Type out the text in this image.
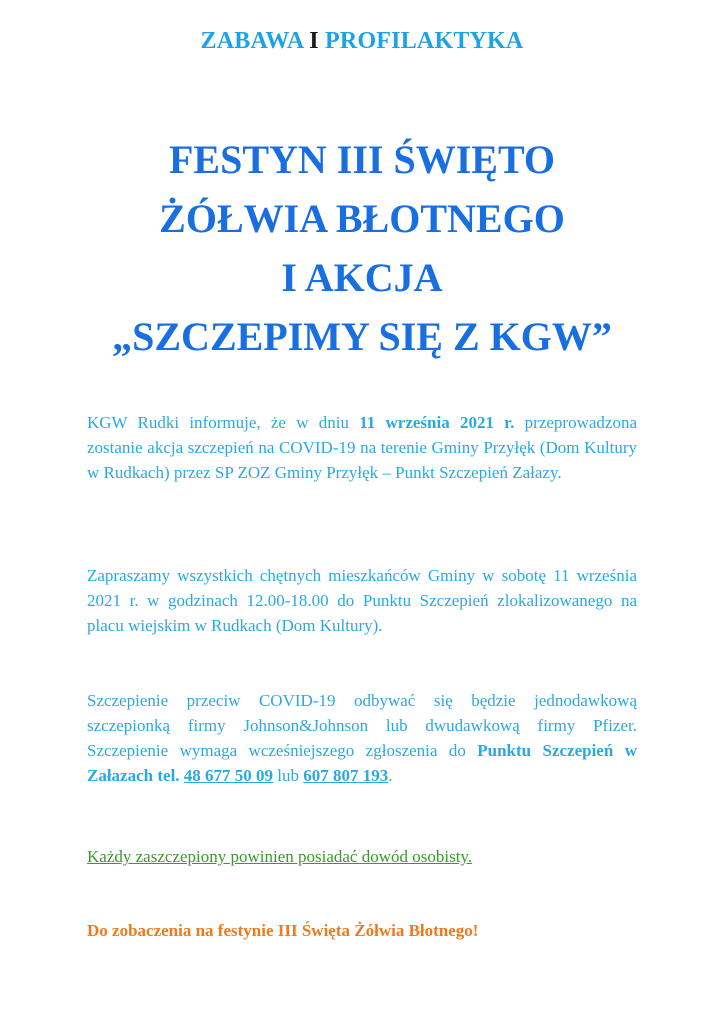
ZABAWA I PROFILAKTYKA
FESTYN III ŚWIĘTO
ŻÓŁWIA BŁOTNEGO
I AKCJA
„SZCZEPIMY SIĘ Z KGW”
KGW Rudki informuje, że w dniu 11 września 2021 r. przeprowadzona zostanie akcja szczepień na COVID-19 na terenie Gminy Przyłęk (Dom Kultury w Rudkach) przez SP ZOZ Gminy Przyłęk – Punkt Szczepień Załazy.
Zapraszamy wszystkich chętnych mieszkańców Gminy w sobotę 11 września 2021 r. w godzinach 12.00-18.00 do Punktu Szczepień zlokalizowanego na placu wiejskim w Rudkach (Dom Kultury).
Szczepienie przeciw COVID-19 odbywać się będzie jednodawkową szczepionką firmy Johnson&Johnson lub dwudawkową firmy Pfizer. Szczepienie wymaga wcześniejszego zgłoszenia do Punktu Szczepień w Załazach tel. 48 677 50 09 lub 607 807 193.
Każdy zaszczepiony powinien posiadać dowód osobisty.
Do zobaczenia na festynie III Święta Żółwia Błotnego!
